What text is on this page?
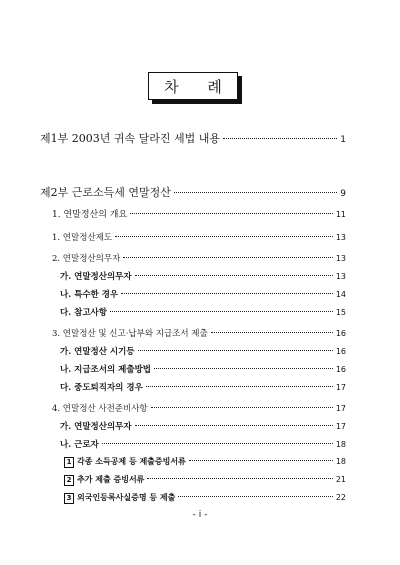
차 례
제1부 2003년 귀속 달라진 세법 내용	1
제2부 근로소득세 연말정산	9
1. 연말정산의 개요	11
1. 연말정산제도	13
2. 연말정산의무자	13
가. 연말정산의무자	13
나. 특수한 경우	14
다. 참고사항	15
3. 연말정산 및 신고·납부와 지급조서 제출	16
가. 연말정산 시기등	16
나. 지급조서의 제출방법	16
다. 중도퇴직자의 경우	17
4. 연말정산 사전준비사항	17
가. 연말정산의무자	17
나. 근로자	18
1 각종 소득공제 등 제출증빙서류	18
2 추가 제출 증빙서류	21
3 외국인등록사실증명 등 제출	22
- i -
